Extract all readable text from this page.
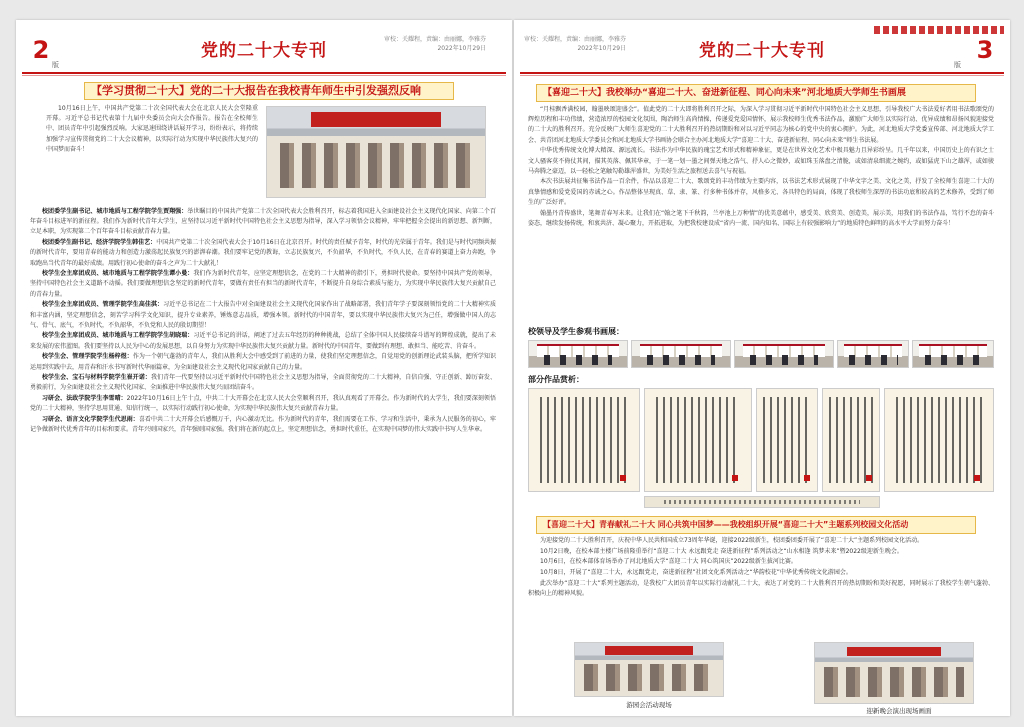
2
版
党的二十大专刊
审校：关耀程，责编：由丽娜，李雅芬
2022年10月29日
【学习贯彻二十大】党的二十大报告在我校青年师生中引发强烈反响

10月16日上午，中国共产党第二十次全国代表大会在北京人民大会堂隆重开幕。习近平总书记代表第十九届中央委员会向大会作报告。报告在全校师生中、团员青年中引起强烈反响。大家迅速围绕讲话展开学习，纷纷表示，将持续加强学习宣传贯彻党的二十大会议精神，以实际行动为实现中华民族伟大复兴的中国梦而奋斗！

校团委学生副书记、城市地质与工程学院学生贾翔强：举世瞩目的中国共产党第二十次全国代表大会胜利召开，标志着我国进入全面建设社会主义现代化国家、向第二个百年奋斗目标进军的新征程。我们作为新时代青年大学生，应坚持以习近平新时代中国特色社会主义思想为指导，深入学习领悟会议精神，牢牢把握全会提出的新思想、新判断，立足本职，为实现第二个百年奋斗目标贡献青春力量。

校团委学生副书记、经济学院学生韩佳艺：中国共产党第二十次全国代表大会于10月16日在北京召开。时代的责任赋予青年，时代的光荣属于青年。我们是与时代同频共振的新时代青年，要用青春的能动力和创造力激荡起民族复兴的澎湃春潮。我们要牢记党的教诲，立志民族复兴，不负韶华，不负时代，不负人民，在青春的赛道上奋力奔跑，争取跑出当代青年的最好成绩。用践行初心使命的奋斗之声为二十大献礼！

校学生会主席团成员、城市地质与工程学院学生谭小曼：我们作为新时代青年，应坚定理想信念，在党的二十大精神的指引下，勇担时代使命。要坚持中国共产党的领导，坚持中国特色社会主义道路不动摇。我们要做理想信念坚定的新时代青年，要做有责任有担当的新时代青年，不断提升自身综合素质与能力，为实现中华民族伟大复兴贡献自己的青春力量。

校学生会主席团成员、管理学院学生高佳淇：习近平总书记在二十大报告中对全面建设社会主义现代化国家作出了战略部署，我们青年学子要深刻领悟党的二十大精神实质和丰富内涵，坚定理想信念，刻苦学习科学文化知识，提升专业素养，锤炼意志品质，增强本领。新时代的中国青年，要以实现中华民族伟大复兴为己任，增强做中国人的志气、骨气、底气，不负时代，不负韶华，不负党和人民的殷切期望！

校学生会主席团成员、城市地质与工程学院学生胡晓瑞：习近平总书记的讲话，阐述了过去五年经历的种种挑战，总结了全体中国人民接续奋斗谱写的辉煌成就，提出了未来发展的宏伟蓝图。我们要坚持以人民为中心的发展思想，以自身努力为实现中华民族伟大复兴贡献力量。新时代的中国青年，要做到有理想、敢担当、能吃苦、肯奋斗。

校学生会、管理学院学生杨梓煜：作为一个朝气蓬勃的青年人，我们从胜利大会中感受到了前进的力量，使我们坚定理想信念，自觉用党的创新理论武装头脑，把所学知识运用到实践中去，用青春和汗水书写新时代华丽篇章，为全面建设社会主义现代化国家贡献自己的力量。

校学生会、宝石与材料学院学生崔开诺：我们青年一代要坚持以习近平新时代中国特色社会主义思想为指导，全面贯彻党的二十大精神，自信自强、守正创新、踔厉奋发、勇毅前行，为全面建设社会主义现代化国家、全面推进中华民族伟大复兴而团结奋斗。

习研会、法政学院学生李雪晴：2022年10月16日上午十点，中共二十大开幕会在北京人民大会堂顺利召开，我认真观看了开幕会。作为新时代的大学生，我们要深刻领悟党的二十大精神，坚持学思用贯通、知信行统一，以实际行动践行初心使命，为实现中华民族伟大复兴贡献青春力量。

习研会、语言文化学院学生代思雨：喜看中共二十大开幕会后感慨万千，内心激动无比。作为新时代的青年，我们需要在工作、学习和生活中，秉承为人民服务的初心，牢记争做新时代优秀青年的目标和要求。青年兴则国家兴，青年强则国家强。我们将在新的起点上，坚定理想信念，勇担时代重任，在实现中国梦的伟大实践中书写人生华章。

审校：关耀程，责编：由丽娜，李雅芬
2022年10月29日	党的二十大专刊
版
3
【喜迎二十大】我校举办“喜迎二十大、奋进新征程、同心向未来”河北地质大学师生书画展

“月桂飘香满校园，翰墨映颂迎盛会”。值此党的二十大即将胜利召开之际，为深入学习贯彻习近平新时代中国特色社会主义思想，引导我校广大书法爱好者用书法歌颂党的辉煌历程和丰功伟绩，营造浓厚的校园文化氛围，陶冶师生高尚情操，传递爱党爱国情怀，展示我校师生优秀书法作品，激励广大师生以实际行动、优异成绩和昂扬风貌迎接党的二十大的胜利召开。充分反映广大师生喜迎党的二十大胜利召开的热切期盼和对以习近平同志为核心的党中央的衷心拥护。为此，河北地质大学党委宣传部、河北地质大学工会、共青团河北地质大学委员会和河北地质大学书画协会联合主办河北地质大学“喜迎二十大、奋进新征程、同心向未来”师生书法展。

中华优秀传统文化博大精深、源远流长。书法作为中华民族的瑰宝艺术形式和精神象征，更是在世界文化艺术中极具魅力且异彩纷呈。几千年以来，中国历史上的有识之士文人骚客莫不倚仗其间，描其英落、佩其华章，于一笔一划一墨之间弹天地之浩气、抒人心之微妙，或如珠玉落盘之清脆，或如清泉细流之婉约，或如猛虎下山之雄浑，或如骏马奔腾之豪迈，以一轻松之笔触勾勒雄浑盛世，为美好生活之旅程送去喜气与祝福。

本次书法展共征集书法作品一百余件，作品以喜迎二十大、歌颂党的丰功伟绩为主要内容，以书法艺术形式展现了中华文字之美、文化之美，抒发了全校师生喜迎二十大的真挚情感和爱党爱国的赤诚之心。作品整体呈现真、草、隶、篆、行多种书体并存，风格多元、各具特色的局面，体现了我校师生深厚的书法功底和较高的艺术修养，受到了师生的广泛好评。

翰墨丹青传盛世，笔舞青春写未来。让我们在“翰之笔下千秋韵，兰亭池上万种情”的优美意蕴中，感受美、欣赏美、创造美，展示美，用我们的书法作品，笃行不怠的奋斗姿态，继续发扬传统，和衷共济、凝心聚力，开拓进取，为把我校建设成“省内一流、国内知名、国际上有较强影响力”的地质特色鲜明的高水平大学而努力奋斗！

校领导及学生参观书画展：
部分作品赏析：
【喜迎二十大】青春献礼二十大 同心共筑中国梦——我校组织开展“喜迎二十大”主题系列校园文化活动

为迎接党的二十大胜利召开，庆祝中华人民共和国成立73周年华诞，迎接2022级新生，校团委团委开展了“喜迎二十大”主题系列校园文化活动。

10月2日晚，在校本部主楼广场前隆重举行“喜迎二十大 永远跟党走 奋进新征程”系列活动之“山水相逢 筑梦未来”暨2022级迎新生晚会。

10月6日，在校本部体育场举办了河北地质大学“喜迎二十大 同心筑国庆”2022级新生拔河比赛。

10月8日，开展了“喜迎二十大，永远跟党走，奋进新征程”社团文化系列活动之“华韵校花”中华优秀传统文化游园会。

此次举办“喜迎二十大”系列主题活动，是我校广大团员青年以实际行动献礼二十大，表达了对党的二十大胜利召开的热切期盼和美好祝愿，同时展示了我校学生朝气蓬勃、积极向上的精神风貌。

游园会活动现场
迎新晚会演出现场画面
